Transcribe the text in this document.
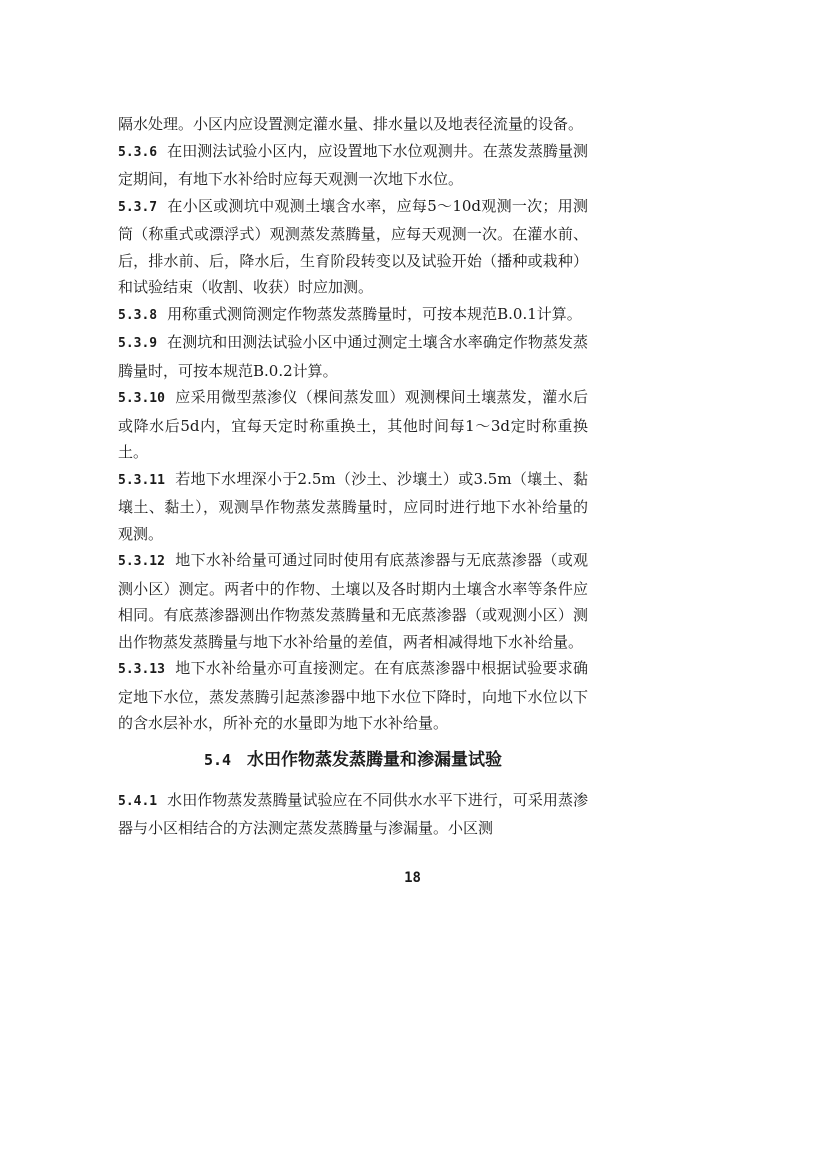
隔水处理。小区内应设置测定灌水量、排水量以及地表径流量的设备。

5.3.6 在田测法试验小区内，应设置地下水位观测井。在蒸发蒸腾量测定期间，有地下水补给时应每天观测一次地下水位。

5.3.7 在小区或测坑中观测土壤含水率，应每5～10d观测一次；用测筒（称重式或漂浮式）观测蒸发蒸腾量，应每天观测一次。在灌水前、后，排水前、后，降水后，生育阶段转变以及试验开始（播种或栽种）和试验结束（收割、收获）时应加测。

5.3.8 用称重式测筒测定作物蒸发蒸腾量时，可按本规范B.0.1计算。

5.3.9 在测坑和田测法试验小区中通过测定土壤含水率确定作物蒸发蒸腾量时，可按本规范B.0.2计算。

5.3.10 应采用微型蒸渗仪（棵间蒸发皿）观测棵间土壤蒸发，灌水后或降水后5d内，宜每天定时称重换土，其他时间每1～3d定时称重换土。

5.3.11 若地下水埋深小于2.5m（沙土、沙壤土）或3.5m（壤土、黏壤土、黏土），观测旱作物蒸发蒸腾量时，应同时进行地下水补给量的观测。

5.3.12 地下水补给量可通过同时使用有底蒸渗器与无底蒸渗器（或观测小区）测定。两者中的作物、土壤以及各时期内土壤含水率等条件应相同。有底蒸渗器测出作物蒸发蒸腾量和无底蒸渗器（或观测小区）测出作物蒸发蒸腾量与地下水补给量的差值，两者相减得地下水补给量。

5.3.13 地下水补给量亦可直接测定。在有底蒸渗器中根据试验要求确定地下水位，蒸发蒸腾引起蒸渗器中地下水位下降时，向地下水位以下的含水层补水，所补充的水量即为地下水补给量。

5.4 水田作物蒸发蒸腾量和渗漏量试验

5.4.1 水田作物蒸发蒸腾量试验应在不同供水水平下进行，可采用蒸渗器与小区相结合的方法测定蒸发蒸腾量与渗漏量。小区测

18
